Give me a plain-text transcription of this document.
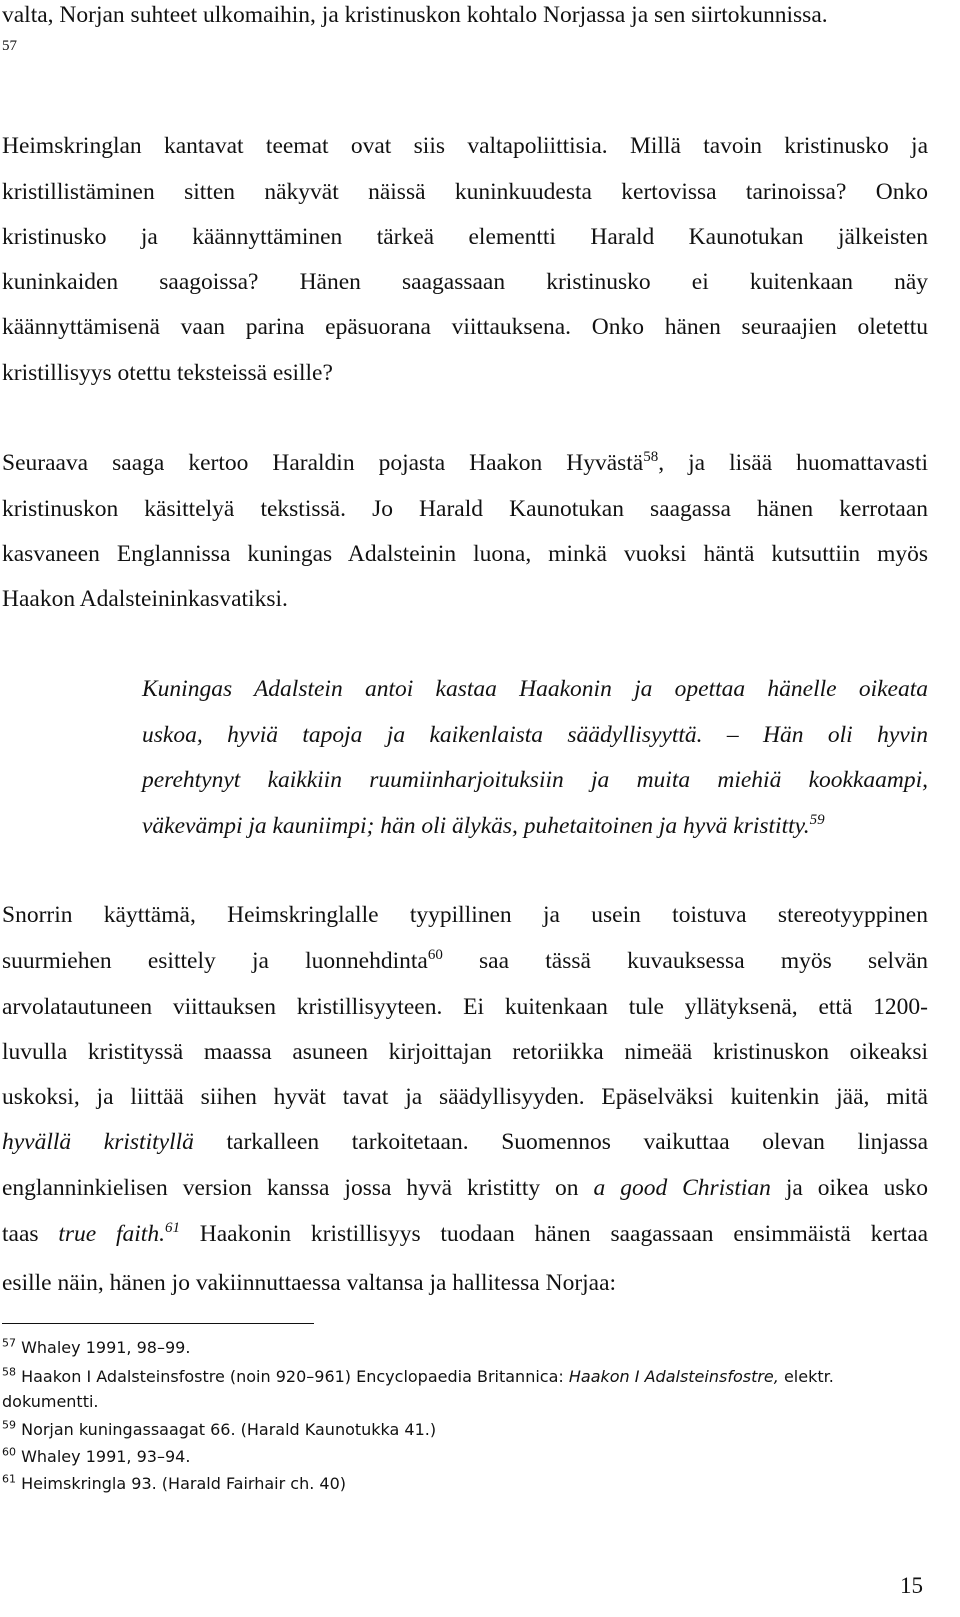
valta, Norjan suhteet ulkomaihin, ja kristinuskon kohtalo Norjassa ja sen siirtokunnissa.
57
Heimskringlan kantavat teemat ovat siis valtapoliittisia. Millä tavoin kristinusko ja
kristillistäminen sitten näkyvät näissä kuninkuudesta kertovissa tarinoissa? Onko
kristinusko ja käännyttäminen tärkeä elementti Harald Kaunotukan jälkeisten
kuninkaiden saagoissa? Hänen saagassaan kristinusko ei kuitenkaan näy
käännyttämisenä vaan parina epäsuorana viittauksena. Onko hänen seuraajien oletettu
kristillisyys otettu teksteissä esille?
Seuraava saaga kertoo Haraldin pojasta Haakon Hyvästä$^{58}$, ja lisää huomattavasti
kristinuskon käsittelyä tekstissä. Jo Harald Kaunotukan saagassa hänen kerrotaan
kasvaneen Englannissa kuningas Adalsteinin luona, minkä vuoksi häntä kutsuttiin myös
Haakon Adalsteininkasvatiksi.
Kuningas Adalstein antoi kastaa Haakonin ja opettaa hänelle oikeata
uskoa, hyviä tapoja ja kaikenlaista säädyllisyyttä. – Hän oli hyvin
perehtynyt kaikkiin ruumiinharjoituksiin ja muita miehiä kookkaampi,
väkevämpi ja kauniimpi; hän oli älykäs, puhetaitoinen ja hyvä kristitty.$^{59}$
Snorrin käyttämä, Heimskringlalle tyypillinen ja usein toistuva stereotyyppinen
suurmiehen esittely ja luonnehdinta$^{60}$ saa tässä kuvauksessa myös selvän
arvolatautuneen viittauksen kristillisyyteen. Ei kuitenkaan tule yllätyksenä, että 1200-
luvulla kristityssä maassa asuneen kirjoittajan retoriikka nimeää kristinuskon oikeaksi
uskoksi, ja liittää siihen hyvät tavat ja säädyllisyyden. Epäselväksi kuitenkin jää, mitä
hyvällä kristityllä tarkalleen tarkoitetaan. Suomennos vaikuttaa olevan linjassa
englanninkielisen version kanssa jossa hyvä kristitty on a good Christian ja oikea usko
taas true faith.$^{61}$ Haakonin kristillisyys tuodaan hänen saagassaan ensimmäistä kertaa
esille näin, hänen jo vakiinnuttaessa valtansa ja hallitessa Norjaa:
$^{57}$ Whaley 1991, 98–99.
$^{58}$ Haakon I Adalsteinsfostre (noin 920–961) Encyclopaedia Britannica: Haakon I Adalsteinsfostre, elektr.
dokumentti.
$^{59}$ Norjan kuningassaagat 66. (Harald Kaunotukka 41.)
$^{60}$ Whaley 1991, 93–94.
$^{61}$ Heimskringla 93. (Harald Fairhair ch. 40)
15
